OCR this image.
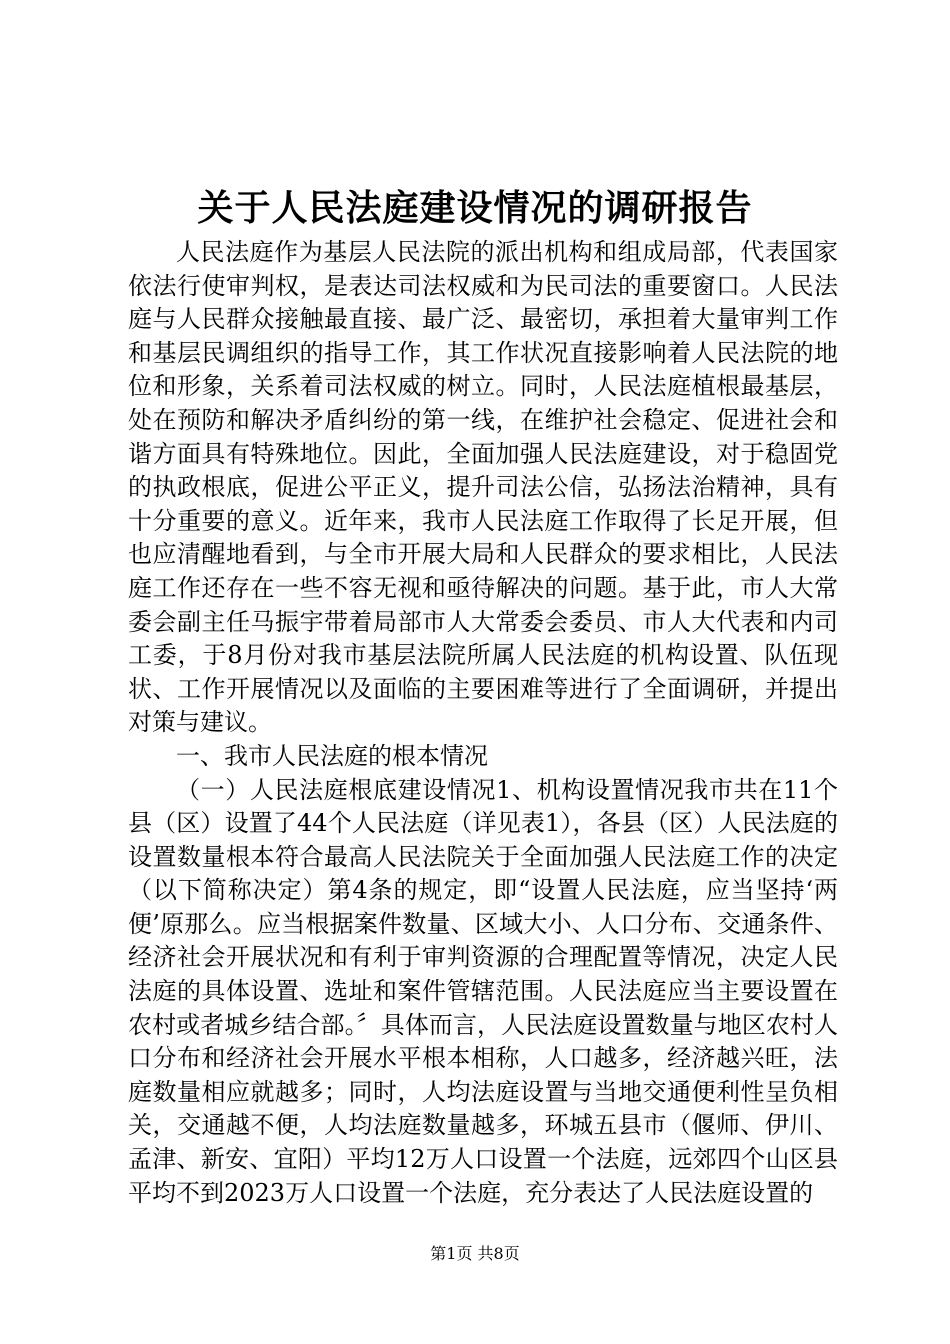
关于人民法庭建设情况的调研报告

人民法庭作为基层人民法院的派出机构和组成局部，代表国家依法行使审判权，是表达司法权威和为民司法的重要窗口。人民法庭与人民群众接触最直接、最广泛、最密切，承担着大量审判工作和基层民调组织的指导工作，其工作状况直接影响着人民法院的地位和形象，关系着司法权威的树立。同时，人民法庭植根最基层，处在预防和解决矛盾纠纷的第一线，在维护社会稳定、促进社会和谐方面具有特殊地位。因此，全面加强人民法庭建设，对于稳固党的执政根底，促进公平正义，提升司法公信，弘扬法治精神，具有十分重要的意义。近年来，我市人民法庭工作取得了长足开展，但也应清醒地看到，与全市开展大局和人民群众的要求相比，人民法庭工作还存在一些不容无视和亟待解决的问题。基于此，市人大常委会副主任马振宇带着局部市人大常委会委员、市人大代表和内司工委，于8月份对我市基层法院所属人民法庭的机构设置、队伍现状、工作开展情况以及面临的主要困难等进行了全面调研，并提出对策与建议。

一、我市人民法庭的根本情况

（一）人民法庭根底建设情况1、机构设置情况我市共在11个县（区）设置了44个人民法庭（详见表1），各县（区）人民法庭的设置数量根本符合最高人民法院关于全面加强人民法庭工作的决定（以下简称决定）第4条的规定，即“设置人民法庭，应当坚持‘两便’原那么。应当根据案件数量、区域大小、人口分布、交通条件、经济社会开展状况和有利于审判资源的合理配置等情况，决定人民法庭的具体设置、选址和案件管辖范围。人民法庭应当主要设置在农村或者城乡结合部。〞具体而言，人民法庭设置数量与地区农村人口分布和经济社会开展水平根本相称，人口越多，经济越兴旺，法庭数量相应就越多；同时，人均法庭设置与当地交通便利性呈负相关，交通越不便，人均法庭数量越多，环城五县市（偃师、伊川、孟津、新安、宜阳）平均12万人口设置一个法庭，远郊四个山区县平均不到2023万人口设置一个法庭，充分表达了人民法庭设置的

第1页 共8页
